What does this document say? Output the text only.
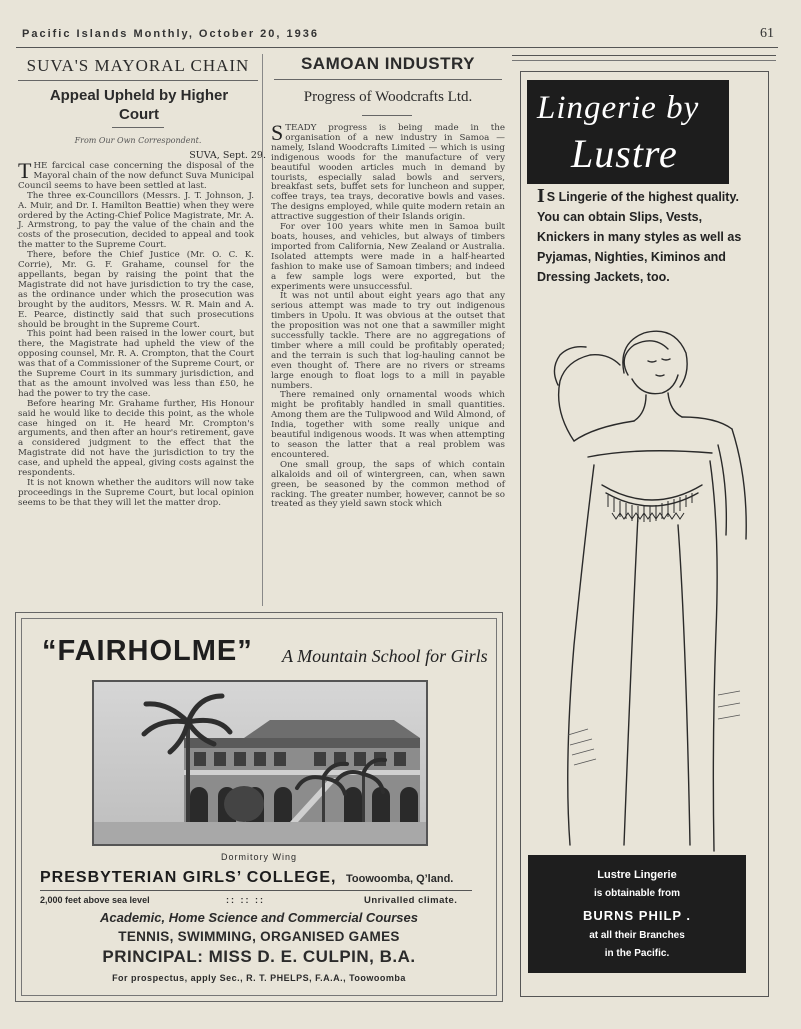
Pacific Islands Monthly, October 20, 1936	61
SUVA'S MAYORAL CHAIN
Appeal Upheld by Higher Court
From Our Own Correspondent.
SUVA, Sept. 29.

THE farcical case concerning the disposal of the Mayoral chain of the now defunct Suva Municipal Council seems to have been settled at last.

The three ex-Councillors (Messrs. J. T. Johnson, J. A. Muir, and Dr. I. Hamilton Beattie) when they were ordered by the Acting-Chief Police Magistrate, Mr. A. J. Armstrong, to pay the value of the chain and the costs of the prosecution, decided to appeal and took the matter to the Supreme Court.

There, before the Chief Justice (Mr. O. C. K. Corrie), Mr. G. F. Grahame, counsel for the appellants, began by raising the point that the Magistrate did not have jurisdiction to try the case, as the ordinance under which the prosecution was brought by the auditors, Messrs. W. R. Main and A. E. Pearce, distinctly said that such prosecutions should be brought in the Supreme Court.

This point had been raised in the lower court, but there, the Magistrate had upheld the view of the opposing counsel, Mr. R. A. Crompton, that the Court was that of a Commissioner of the Supreme Court, or the Supreme Court in its summary jurisdiction, and that as the amount involved was less than £50, he had the power to try the case.

Before hearing Mr. Grahame further, His Honour said he would like to decide this point, as the whole case hinged on it. He heard Mr. Crompton's arguments, and then after an hour's retirement, gave a considered judgment to the effect that the Magistrate did not have the jurisdiction to try the case, and upheld the appeal, giving costs against the respondents.

It is not known whether the auditors will now take proceedings in the Supreme Court, but local opinion seems to be that they will let the matter drop.

SAMOAN INDUSTRY
Progress of Woodcrafts Ltd.

STEADY progress is being made in the organisation of a new industry in Samoa — namely, Island Woodcrafts Limited — which is using indigenous woods for the manufacture of very beautiful wooden articles much in demand by tourists, especially salad bowls and servers, breakfast sets, buffet sets for luncheon and supper, coffee trays, tea trays, decorative bowls and vases. The designs employed, while quite modern retain an attractive suggestion of their Islands origin.

For over 100 years white men in Samoa built boats, houses, and vehicles, but always of timbers imported from California, New Zealand or Australia. Isolated attempts were made in a half-hearted fashion to make use of Samoan timbers; and indeed a few sample logs were exported, but the experiments were unsuccessful.

It was not until about eight years ago that any serious attempt was made to try out indigenous timbers in Upolu. It was obvious at the outset that the proposition was not one that a sawmiller might successfully tackle. There are no aggregations of timber where a mill could be profitably operated; and the terrain is such that log-hauling cannot be even thought of. There are no rivers or streams large enough to float logs to a mill in payable numbers.

There remained only ornamental woods which might be profitably handled in small quantities. Among them are the Tulipwood and Wild Almond, of India, together with some really unique and beautiful indigenous woods. It was when attempting to season the latter that a real problem was encountered.

One small group, the saps of which contain alkaloids and oil of wintergreen, can, when sawn green, be seasoned by the common method of racking. The greater number, however, cannot be so treated as they yield sawn stock which

“FAIRHOLME” A Mountain School for Girls
Dormitory Wing
PRESBYTERIAN GIRLS’ COLLEGE, Toowoomba, Q’land.
2,000 feet above sea level	:: :: ::	Unrivalled climate.
Academic, Home Science and Commercial Courses
TENNIS, SWIMMING, ORGANISED GAMES
PRINCIPAL: MISS D. E. CULPIN, B.A.
For prospectus, apply Sec., R. T. PHELPS, F.A.A., Toowoomba
Lingerie by
Lustre
I S Lingerie of the highest quality. You can obtain Slips, Vests, Knickers in many styles as well as Pyjamas, Nighties, Kiminos and Dressing Jackets, too.
Lustre Lingerie
is obtainable from
BURNS PHILP .
at all their Branches
in the Pacific.
